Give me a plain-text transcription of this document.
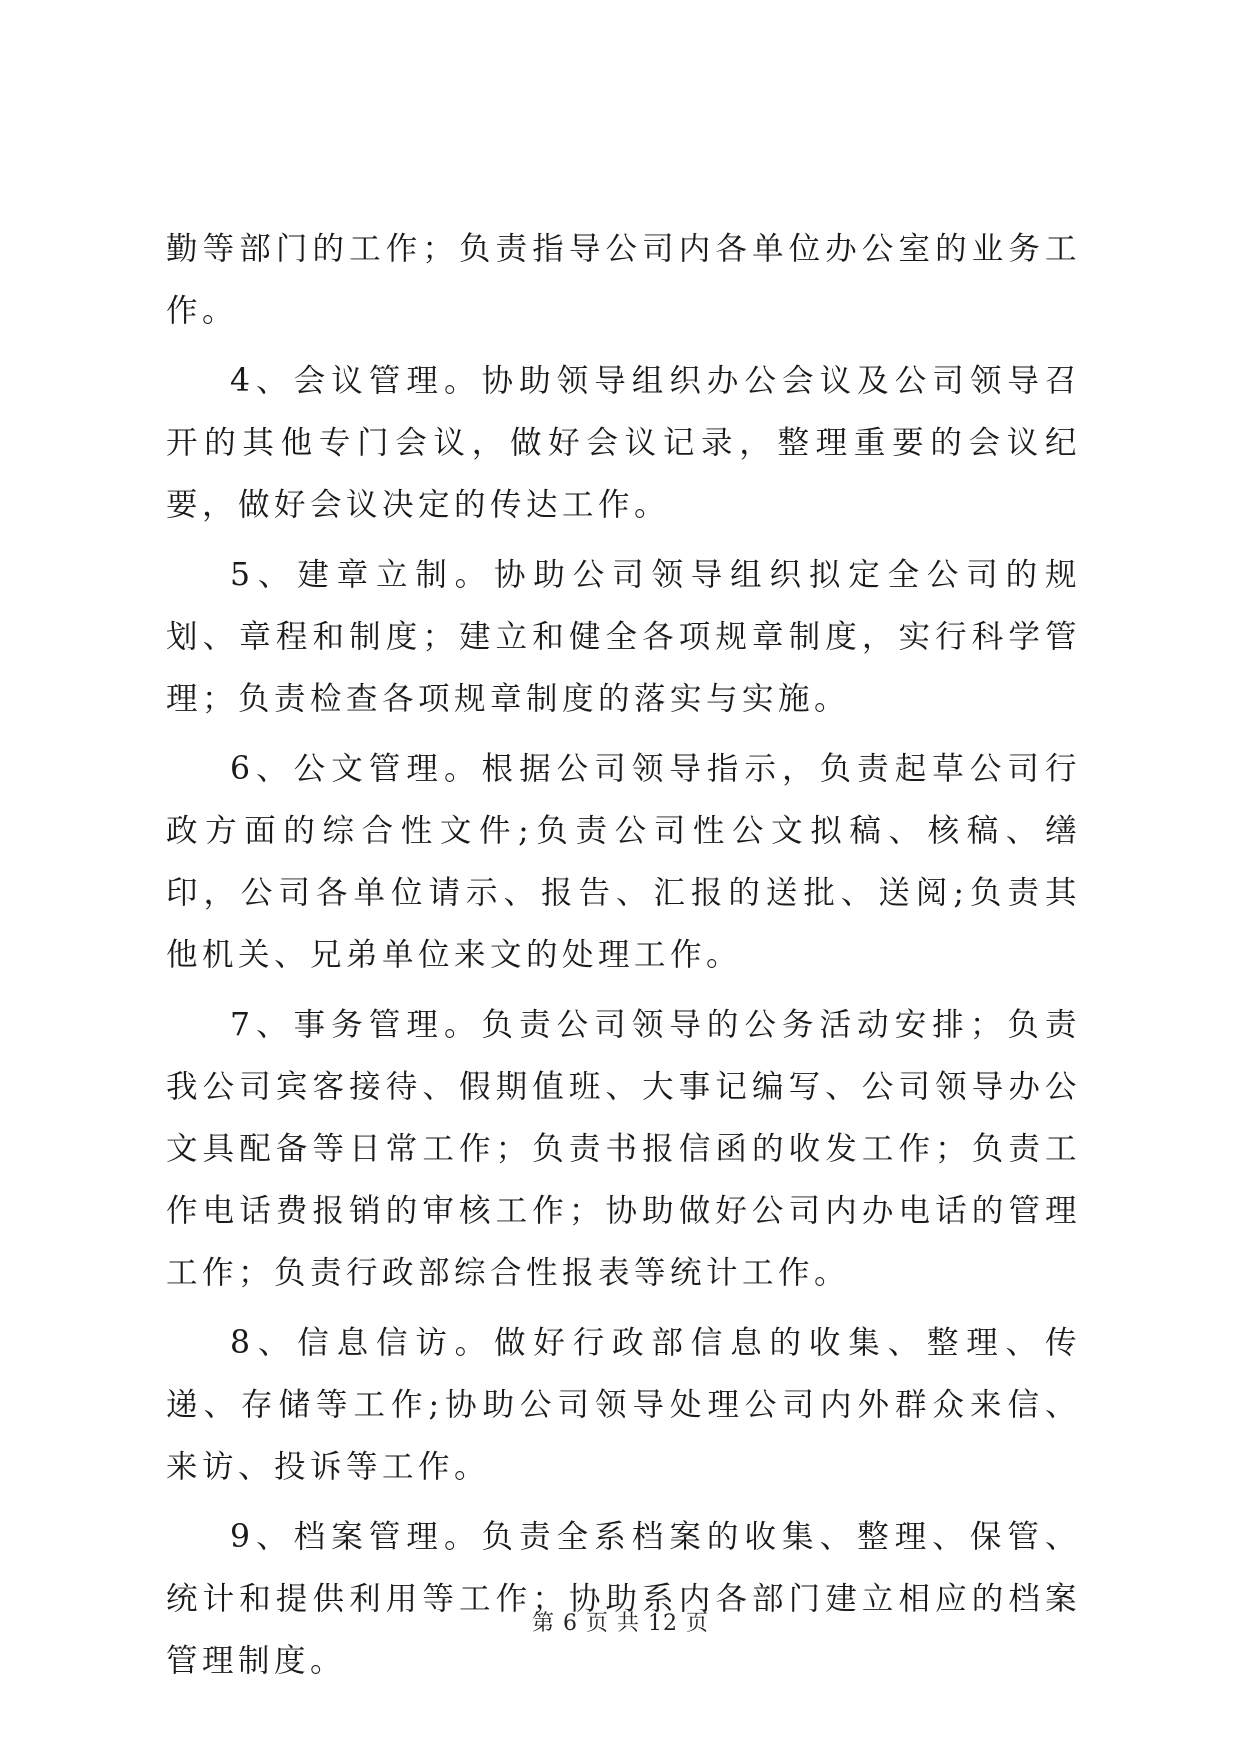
勤等部门的工作；负责指导公司内各单位办公室的业务工作。

4、会议管理。协助领导组织办公会议及公司领导召开的其他专门会议，做好会议记录，整理重要的会议纪要，做好会议决定的传达工作。

5、建章立制。协助公司领导组织拟定全公司的规划、章程和制度；建立和健全各项规章制度，实行科学管理；负责检查各项规章制度的落实与实施。

6、公文管理。根据公司领导指示，负责起草公司行政方面的综合性文件;负责公司性公文拟稿、核稿、缮印，公司各单位请示、报告、汇报的送批、送阅;负责其他机关、兄弟单位来文的处理工作。

7、事务管理。负责公司领导的公务活动安排；负责我公司宾客接待、假期值班、大事记编写、公司领导办公文具配备等日常工作；负责书报信函的收发工作；负责工作电话费报销的审核工作；协助做好公司内办电话的管理工作；负责行政部综合性报表等统计工作。

8、信息信访。做好行政部信息的收集、整理、传递、存储等工作;协助公司领导处理公司内外群众来信、来访、投诉等工作。

9、档案管理。负责全系档案的收集、整理、保管、统计和提供利用等工作；协助系内各部门建立相应的档案管理制度。

第 6 页 共 12 页
